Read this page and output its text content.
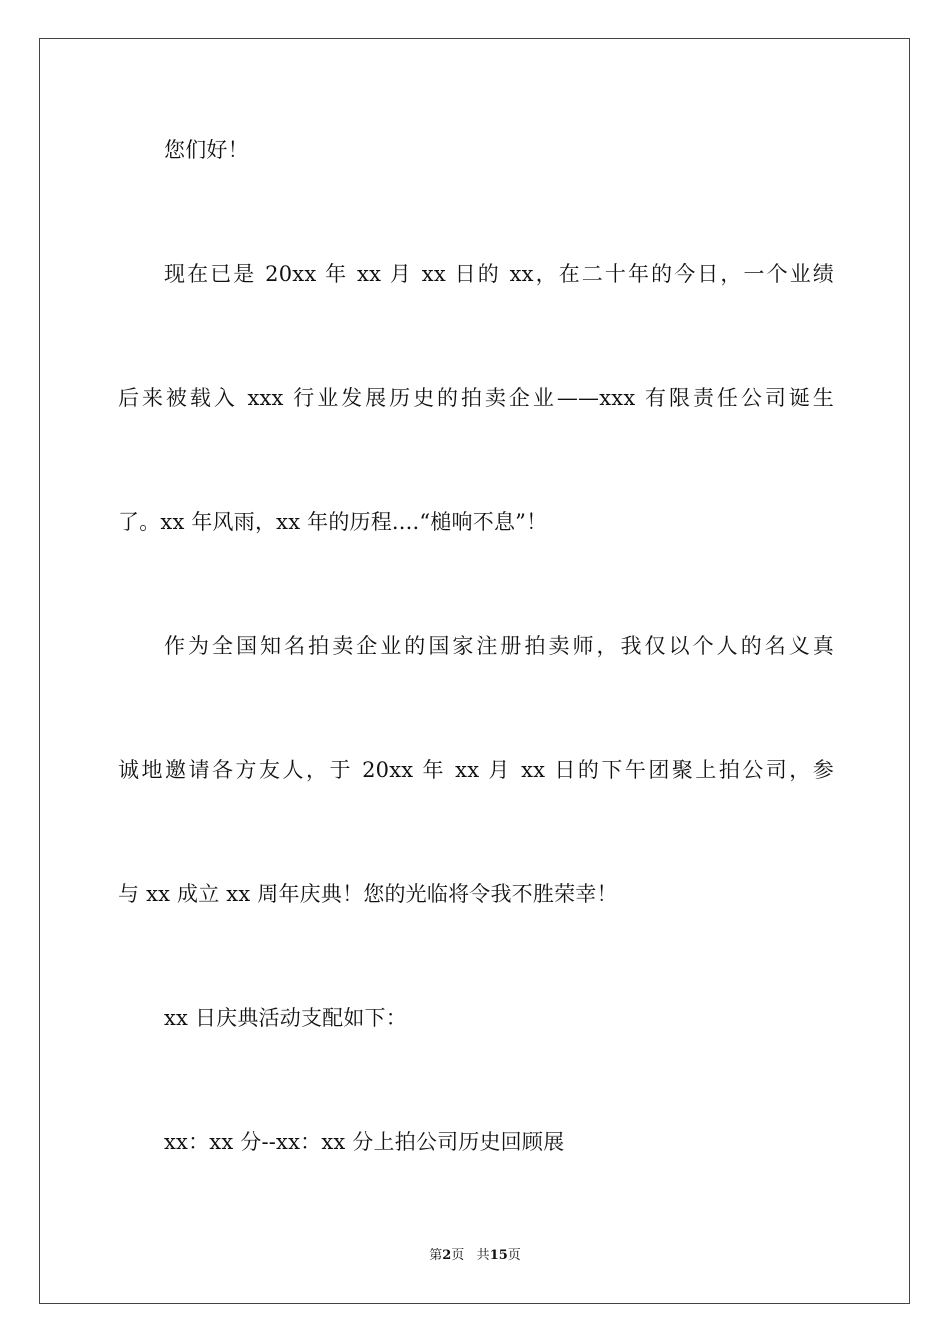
您们好！
现在已是 20xx 年 xx 月 xx 日的 xx，在二十年的今日，一个业绩
后来被载入 xxx 行业发展历史的拍卖企业——xxx 有限责任公司诞生
了。xx 年风雨，xx 年的历程....“槌响不息”！
作为全国知名拍卖企业的国家注册拍卖师，我仅以个人的名义真
诚地邀请各方友人，于 20xx 年 xx 月 xx 日的下午团聚上拍公司，参
与 xx 成立 xx 周年庆典！您的光临将令我不胜荣幸！
xx 日庆典活动支配如下：
xx：xx 分--xx：xx 分上拍公司历史回顾展
第2页 共15页
